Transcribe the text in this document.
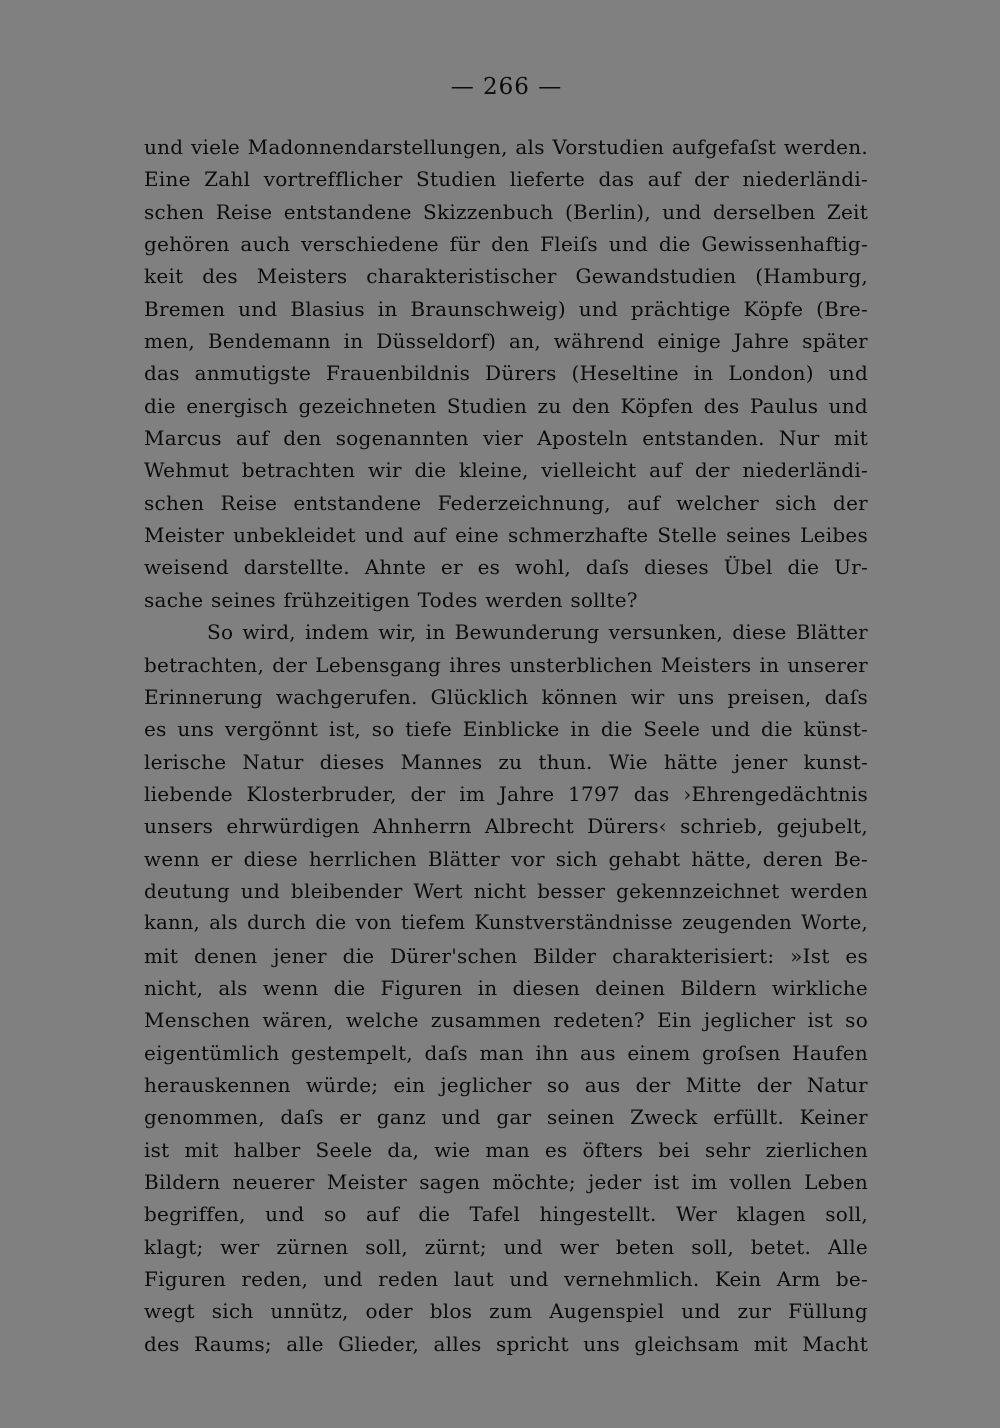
— 266 —
und viele Madonnendarstellungen, als Vorstudien aufgefaſst werden.
Eine Zahl vortrefflicher Studien lieferte das auf der niederländi-
schen Reise entstandene Skizzenbuch (Berlin), und derselben Zeit
gehören auch verschiedene für den Fleiſs und die Gewissenhaftig-
keit des Meisters charakteristischer Gewandstudien (Hamburg,
Bremen und Blasius in Braunschweig) und prächtige Köpfe (Bre-
men, Bendemann in Düsseldorf) an, während einige Jahre später
das anmutigste Frauenbildnis Dürers (Heseltine in London) und
die energisch gezeichneten Studien zu den Köpfen des Paulus und
Marcus auf den sogenannten vier Aposteln entstanden. Nur mit
Wehmut betrachten wir die kleine, vielleicht auf der niederländi-
schen Reise entstandene Federzeichnung, auf welcher sich der
Meister unbekleidet und auf eine schmerzhafte Stelle seines Leibes
weisend darstellte. Ahnte er es wohl, daſs dieses Übel die Ur-
sache seines frühzeitigen Todes werden sollte?
So wird, indem wir, in Bewunderung versunken, diese Blätter
betrachten, der Lebensgang ihres unsterblichen Meisters in unserer
Erinnerung wachgerufen. Glücklich können wir uns preisen, daſs
es uns vergönnt ist, so tiefe Einblicke in die Seele und die künst-
lerische Natur dieses Mannes zu thun. Wie hätte jener kunst-
liebende Klosterbruder, der im Jahre 1797 das ›Ehrengedächtnis
unsers ehrwürdigen Ahnherrn Albrecht Dürers‹ schrieb, gejubelt,
wenn er diese herrlichen Blätter vor sich gehabt hätte, deren Be-
deutung und bleibender Wert nicht besser gekennzeichnet werden
kann, als durch die von tiefem Kunstverständnisse zeugenden Worte,
mit denen jener die Dürer'schen Bilder charakterisiert: »Ist es
nicht, als wenn die Figuren in diesen deinen Bildern wirkliche
Menschen wären, welche zusammen redeten? Ein jeglicher ist so
eigentümlich gestempelt, daſs man ihn aus einem groſsen Haufen
herauskennen würde; ein jeglicher so aus der Mitte der Natur
genommen, daſs er ganz und gar seinen Zweck erfüllt. Keiner
ist mit halber Seele da, wie man es öfters bei sehr zierlichen
Bildern neuerer Meister sagen möchte; jeder ist im vollen Leben
begriffen, und so auf die Tafel hingestellt. Wer klagen soll,
klagt; wer zürnen soll, zürnt; und wer beten soll, betet. Alle
Figuren reden, und reden laut und vernehmlich. Kein Arm be-
wegt sich unnütz, oder blos zum Augenspiel und zur Füllung
des Raums; alle Glieder, alles spricht uns gleichsam mit Macht
